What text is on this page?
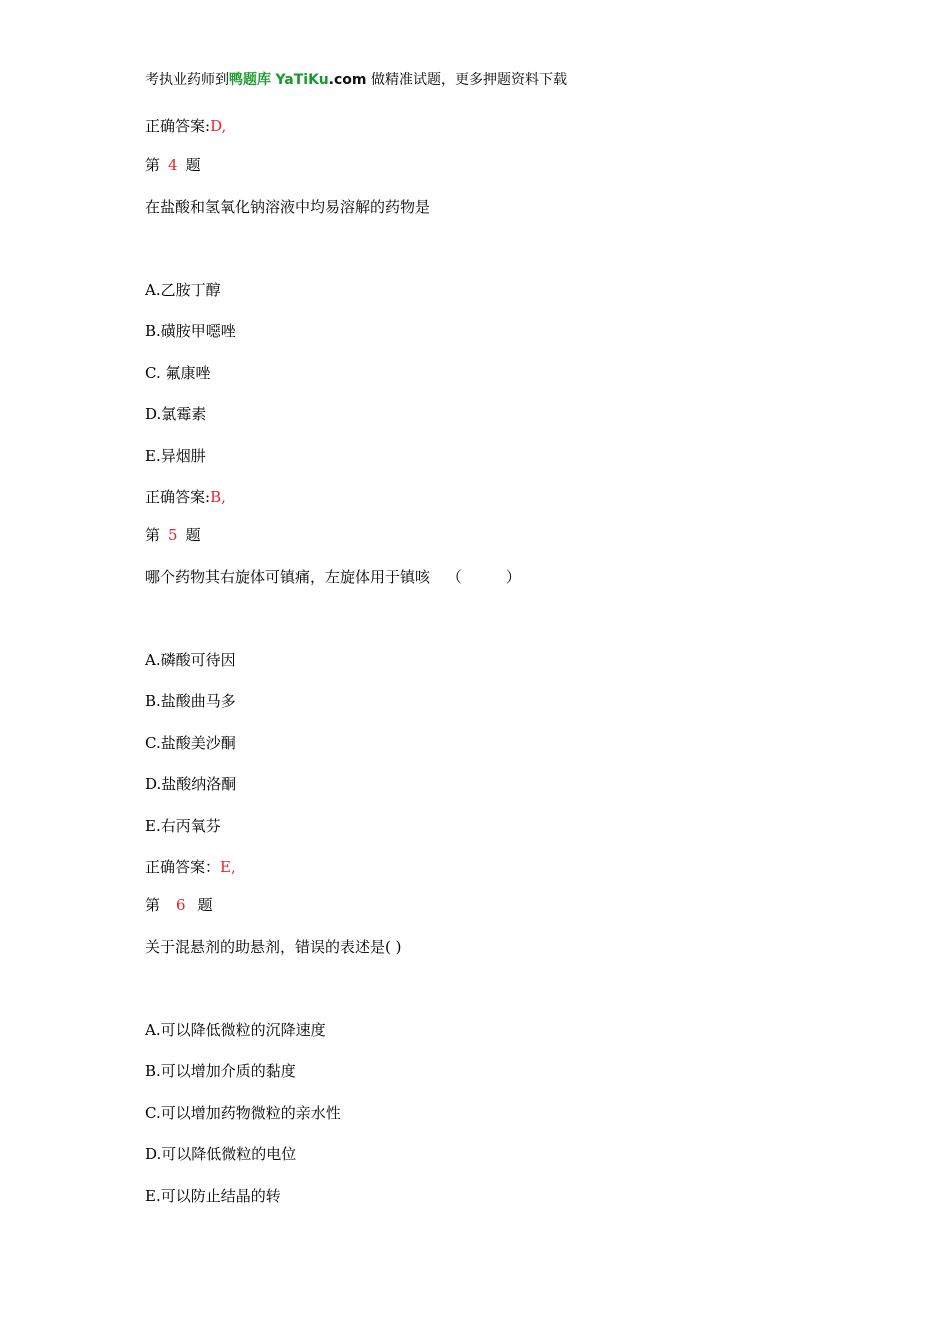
考执业药师到鸭题库 YaTiKu.com 做精准试题，更多押题资料下载
正确答案:D,
第 4 题
在盐酸和氢氧化钠溶液中均易溶解的药物是
A.乙胺丁醇
B.磺胺甲噁唑
C. 氟康唑
D.氯霉素
E.异烟肼
正确答案:B,
第 5 题
哪个药物其右旋体可镇痛，左旋体用于镇咳 （	）
A.磷酸可待因
B.盐酸曲马多
C.盐酸美沙酮
D.盐酸纳洛酮
E.右丙氧芬
正确答案：E,
第 6 题
关于混悬剂的助悬剂，错误的表述是( )
A.可以降低微粒的沉降速度
B.可以增加介质的黏度
C.可以增加药物微粒的亲水性
D.可以降低微粒的电位
E.可以防止结晶的转
